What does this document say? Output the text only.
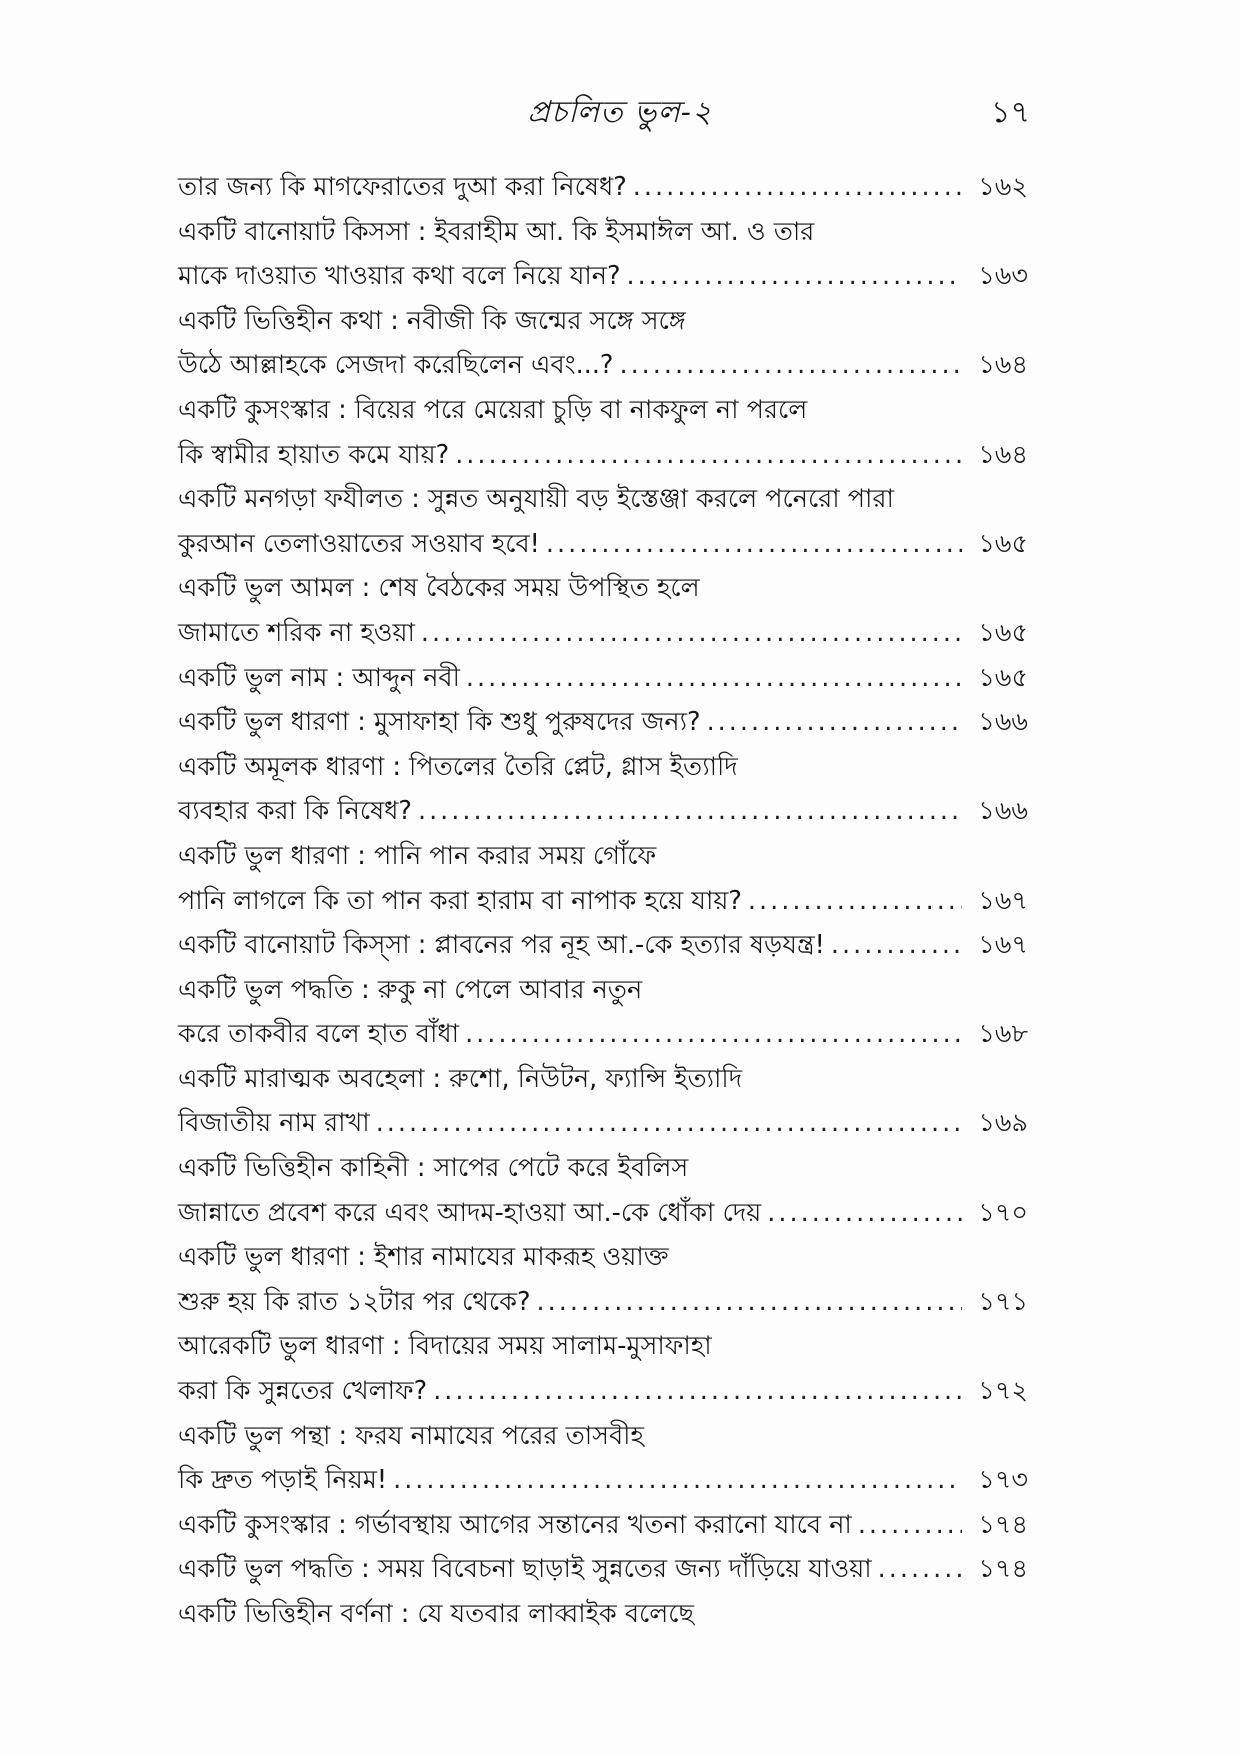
প্রচলিত ভুল-২	১৭
তার জন্য কি মাগফেরাতের দুআ করা নিষেধ? .....	১৬২
একটি বানোয়াট কিসসা : ইবরাহীম আ. কি ইসমাঈল আ. ও তার
মাকে দাওয়াত খাওয়ার কথা বলে নিয়ে যান? .....	১৬৩
একটি ভিত্তিহীন কথা : নবীজী কি জন্মের সঙ্গে সঙ্গে
উঠে আল্লাহকে সেজদা করেছিলেন এবং...? .....	১৬৪
একটি কুসংস্কার : বিয়ের পরে মেয়েরা চুড়ি বা নাকফুল না পরলে
কি স্বামীর হায়াত কমে যায়? .....	১৬৪
একটি মনগড়া ফযীলত : সুন্নত অনুযায়ী বড় ইস্তেঞ্জা করলে পনেরো পারা
কুরআন তেলাওয়াতের সওয়াব হবে! .....	১৬৫
একটি ভুল আমল : শেষ বৈঠকের সময় উপস্থিত হলে
জামাতে শরিক না হওয়া .....	১৬৫
একটি ভুল নাম : আব্দুন নবী .....	১৬৫
একটি ভুল ধারণা : মুসাফাহা কি শুধু পুরুষদের জন্য? .....	১৬৬
একটি অমূলক ধারণা : পিতলের তৈরি প্লেট, গ্লাস ইত্যাদি
ব্যবহার করা কি নিষেধ? .....	১৬৬
একটি ভুল ধারণা : পানি পান করার সময় গোঁফে
পানি লাগলে কি তা পান করা হারাম বা নাপাক হয়ে যায়? .....	১৬৭
একটি বানোয়াট কিস্‌সা : প্লাবনের পর নূহ আ.-কে হত্যার ষড়যন্ত্র! .....	১৬৭
একটি ভুল পদ্ধতি : রুকু না পেলে আবার নতুন
করে তাকবীর বলে হাত বাঁধা .....	১৬৮
একটি মারাত্মক অবহেলা : রুশো, নিউটন, ফ্যান্সি ইত্যাদি
বিজাতীয় নাম রাখা .....	১৬৯
একটি ভিত্তিহীন কাহিনী : সাপের পেটে করে ইবলিস
জান্নাতে প্রবেশ করে এবং আদম-হাওয়া আ.-কে ধোঁকা দেয় .....	১৭০
একটি ভুল ধারণা : ইশার নামাযের মাকরূহ ওয়াক্ত
শুরু হয় কি রাত ১২টার পর থেকে? .....	১৭১
আরেকটি ভুল ধারণা : বিদায়ের সময় সালাম-মুসাফাহা
করা কি সুন্নতের খেলাফ? .....	১৭২
একটি ভুল পন্থা : ফরয নামাযের পরের তাসবীহ
কি দ্রুত পড়াই নিয়ম! .....	১৭৩
একটি কুসংস্কার : গর্ভাবস্থায় আগের সন্তানের খতনা করানো যাবে না .....	১৭৪
একটি ভুল পদ্ধতি : সময় বিবেচনা ছাড়াই সুন্নতের জন্য দাঁড়িয়ে যাওয়া .....	১৭৪
একটি ভিত্তিহীন বর্ণনা : যে যতবার লাব্বাইক বলেছে
